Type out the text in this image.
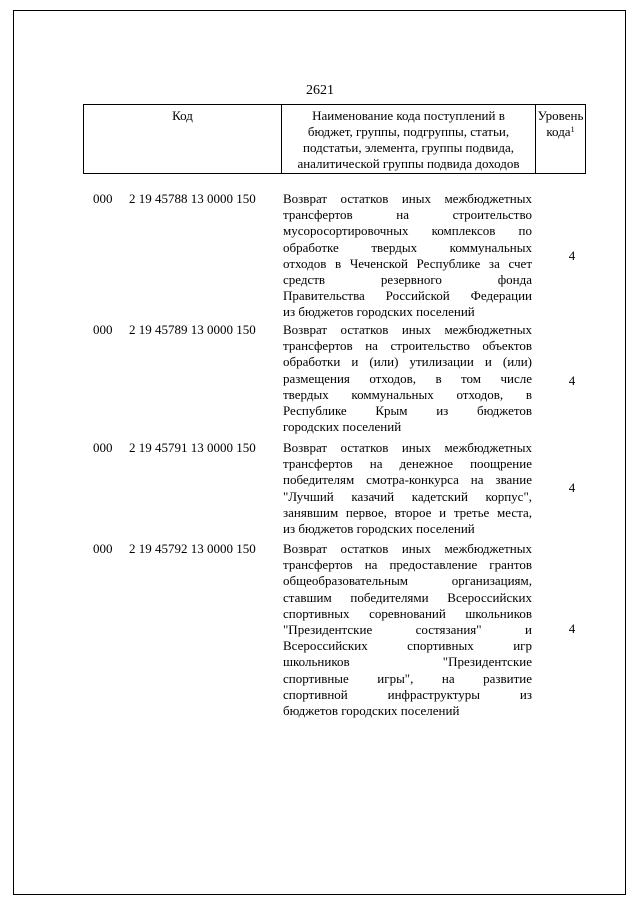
2621
Код	Наименование кода поступлений в
бюджет, группы, подгруппы, статьи,
подстатьи, элемента, группы подвида,
аналитической группы подвида доходов
Уровень
кода$^1$
000 2 19 45788 13 0000 150 Возврат остатков иных межбюджетных
трансфертов на строительство
мусоросортировочных комплексов по
обработке твердых коммунальных
отходов в Чеченской Республике за счет
средств резервного фонда
Правительства Российской Федерации
из бюджетов городских поселений
4
000 2 19 45789 13 0000 150 Возврат остатков иных межбюджетных
трансфертов на строительство объектов
обработки и (или) утилизации и (или)
размещения отходов, в том числе
твердых коммунальных отходов, в
Республике Крым из бюджетов
городских поселений
4
000 2 19 45791 13 0000 150 Возврат остатков иных межбюджетных
трансфертов на денежное поощрение
победителям смотра-конкурса на звание
"Лучший казачий кадетский корпус",
занявшим первое, второе и третье места,
из бюджетов городских поселений
4
000 2 19 45792 13 0000 150 Возврат остатков иных межбюджетных
трансфертов на предоставление грантов
общеобразовательным организациям,
ставшим победителями Всероссийских
спортивных соревнований школьников
"Президентские состязания" и
Всероссийских спортивных игр
школьников "Президентские
спортивные игры", на развитие
спортивной инфраструктуры из
бюджетов городских поселений
4
